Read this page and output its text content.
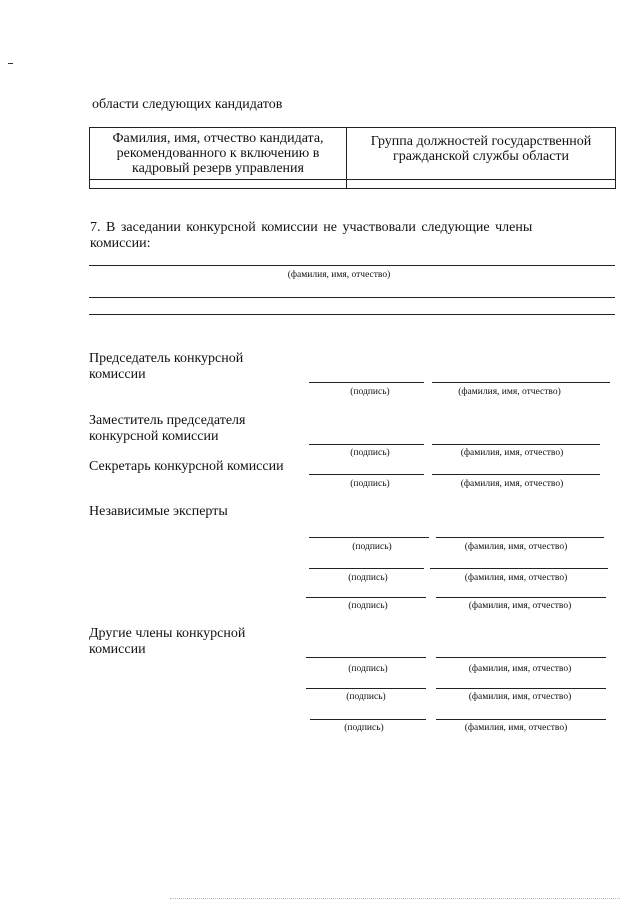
области следующих кандидатов
Фамилия, имя, отчество кандидата, рекомендованного к включению в кадровый резерв управления	Группа должностей государственной гражданской службы области

7. В заседании конкурсной комиссии не участвовали следующие члены комиссии:
(фамилия, имя, отчество)
Председатель конкурсной комиссии
(подпись)	(фамилия, имя, отчество)
Заместитель председателя конкурсной комиссии
(подпись)	(фамилия, имя, отчество)
Секретарь конкурсной комиссии
(подпись)	(фамилия, имя, отчество)
Независимые эксперты
(подпись)	(фамилия, имя, отчество)
(подпись)	(фамилия, имя, отчество)
(подпись)	(фамилия, имя, отчество)
Другие члены конкурсной комиссии
(подпись)	(фамилия, имя, отчество)
(подпись)	(фамилия, имя, отчество)
(подпись)	(фамилия, имя, отчество)
